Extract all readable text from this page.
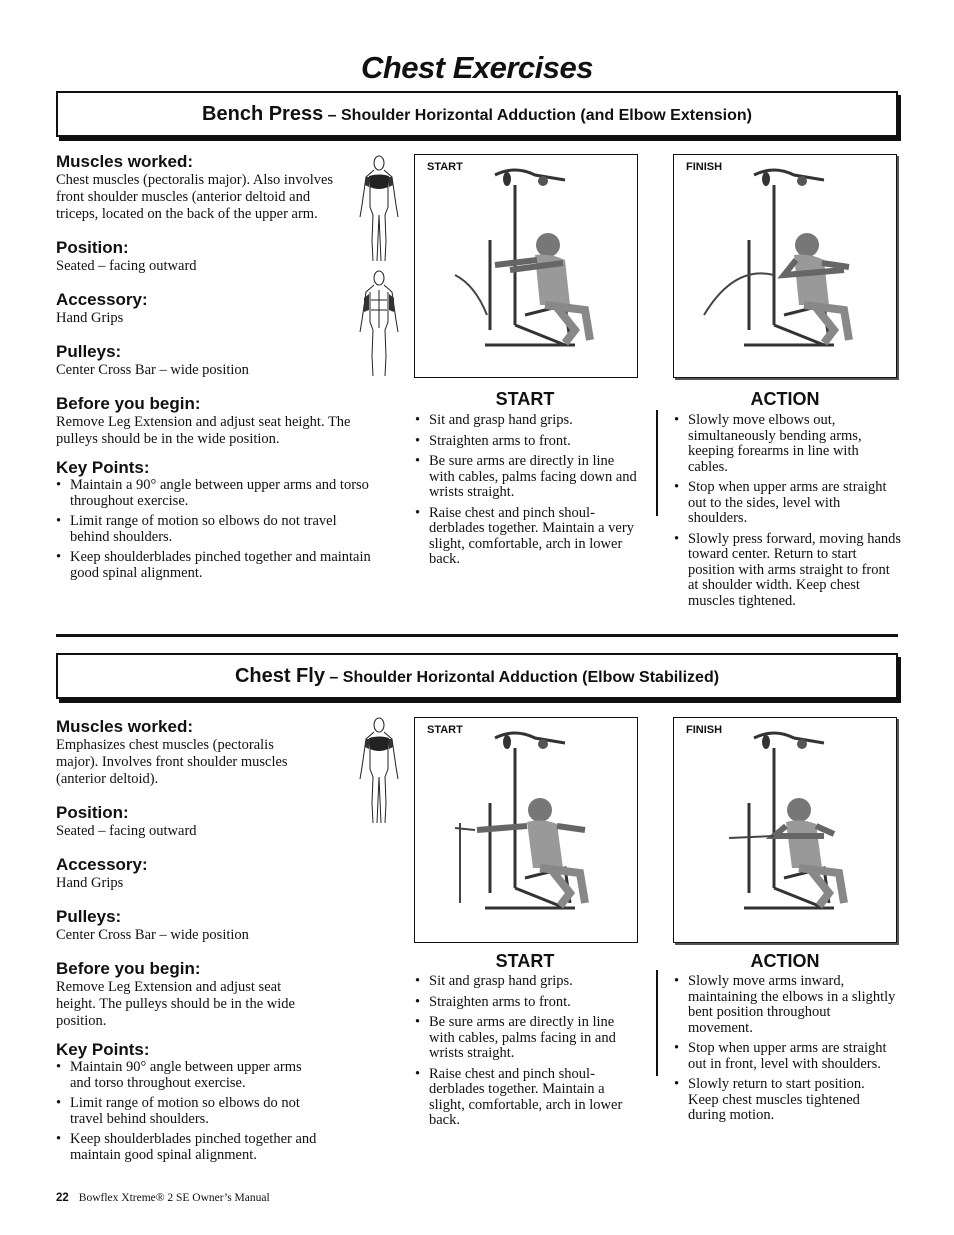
Chest Exercises
Bench Press – Shoulder Horizontal Adduction (and Elbow Extension)
Muscles worked:

Chest muscles (pectoralis major). Also involves front shoulder muscles (anterior deltoid and triceps, located on the back of the upper arm.

Position:

Seated – facing outward

Accessory:

Hand Grips

Pulleys:

Center Cross Bar – wide position

Before you begin:

Remove Leg Extension and adjust seat height. The pulleys should be in the wide position.

Key Points:
• Maintain a 90° angle between upper arms and torso throughout exercise.
• Limit range of motion so elbows do not travel behind shoulders.
• Keep shoulderblades pinched together and maintain good spinal alignment.
START	FINISH
START
• Sit and grasp hand grips.
• Straighten arms to front.
• Be sure arms are directly in line with cables, palms facing down and wrists straight.
• Raise chest and pinch shoul-derblades together. Maintain a very slight, comfortable, arch in lower back.
ACTION
• Slowly move elbows out, simultaneously bending arms, keeping forearms in line with cables.
• Stop when upper arms are straight out to the sides, level with shoulders.
• Slowly press forward, moving hands toward center. Return to start position with arms straight to front at shoulder width. Keep chest muscles tightened.
Chest Fly – Shoulder Horizontal Adduction (Elbow Stabilized)
Muscles worked:

Emphasizes chest muscles (pectoralis major). Involves front shoulder muscles (anterior deltoid).

Position:

Seated – facing outward

Accessory:

Hand Grips

Pulleys:

Center Cross Bar – wide position

Before you begin:

Remove Leg Extension and adjust seat height. The pulleys should be in the wide position.

Key Points:
• Maintain 90° angle between upper arms and torso throughout exercise.
• Limit range of motion so elbows do not travel behind shoulders.
• Keep shoulderblades pinched together and maintain good spinal alignment.
START	FINISH
START
• Sit and grasp hand grips.
• Straighten arms to front.
• Be sure arms are directly in line with cables, palms facing in and wrists straight.
• Raise chest and pinch shoul-derblades together. Maintain a slight, comfortable, arch in lower back.
ACTION
• Slowly move arms inward, maintaining the elbows in a slightly bent position throughout movement.
• Stop when upper arms are straight out in front, level with shoulders.
• Slowly return to start position. Keep chest muscles tightened during motion.
22 Bowflex Xtreme® 2 SE Owner’s Manual
